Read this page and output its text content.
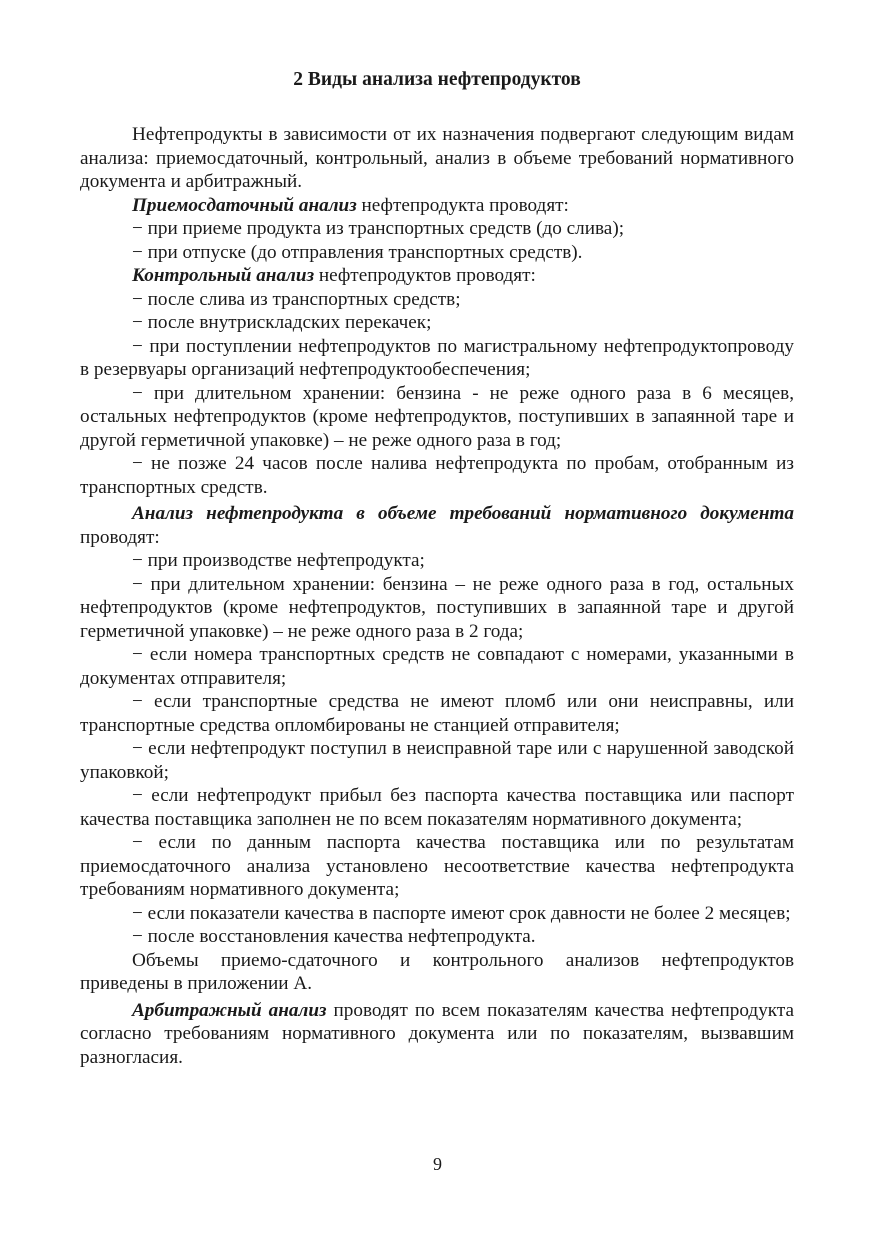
2 Виды анализа нефтепродуктов

Нефтепродукты в зависимости от их назначения подвергают следующим видам анализа: приемосдаточный, контрольный, анализ в объеме требований нормативного документа и арбитражный.

Приемосдаточный анализ нефтепродукта проводят:

− при приеме продукта из транспортных средств (до слива);

− при отпуске (до отправления транспортных средств).

Контрольный анализ нефтепродуктов проводят:

− после слива из транспортных средств;

− после внутрискладских перекачек;

− при поступлении нефтепродуктов по магистральному нефтепродуктопроводу в резервуары организаций нефтепродуктообеспечения;

− при длительном хранении: бензина - не реже одного раза в 6 месяцев, остальных нефтепродуктов (кроме нефтепродуктов, поступивших в запаянной таре и другой герметичной упаковке) – не реже одного раза в год;

− не позже 24 часов после налива нефтепродукта по пробам, отобранным из транспортных средств.

Анализ нефтепродукта в объеме требований нормативного документа проводят:

− при производстве нефтепродукта;

− при длительном хранении: бензина – не реже одного раза в год, остальных нефтепродуктов (кроме нефтепродуктов, поступивших в запаянной таре и другой герметичной упаковке) – не реже одного раза в 2 года;

− если номера транспортных средств не совпадают с номерами, указанными в документах отправителя;

− если транспортные средства не имеют пломб или они неисправны, или транспортные средства опломбированы не станцией отправителя;

− если нефтепродукт поступил в неисправной таре или с нарушенной заводской упаковкой;

− если нефтепродукт прибыл без паспорта качества поставщика или паспорт качества поставщика заполнен не по всем показателям нормативного документа;

− если по данным паспорта качества поставщика или по результатам приемосдаточного анализа установлено несоответствие качества нефтепродукта требованиям нормативного документа;

− если показатели качества в паспорте имеют срок давности не более 2 месяцев;

− после восстановления качества нефтепродукта.

Объемы приемо-сдаточного и контрольного анализов нефтепродуктов приведены в приложении А.

Арбитражный анализ проводят по всем показателям качества нефтепродукта согласно требованиям нормативного документа или по показателям, вызвавшим разногласия.

9
